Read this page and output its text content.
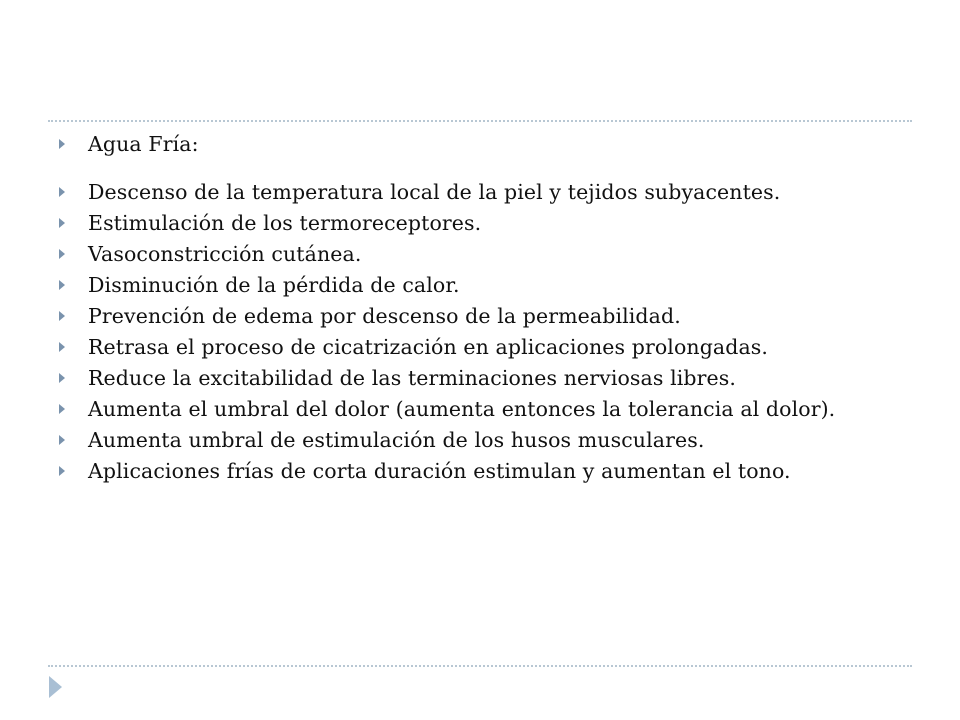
Agua Fría:
Descenso de la temperatura local de la piel y tejidos subyacentes.
Estimulación de los termoreceptores.
Vasoconstricción cutánea.
Disminución de la pérdida de calor.
Prevención de edema por descenso de la permeabilidad.
Retrasa el proceso de cicatrización en aplicaciones prolongadas.
Reduce la excitabilidad de las terminaciones nerviosas libres.
Aumenta el umbral del dolor (aumenta entonces la tolerancia al dolor).
Aumenta umbral de estimulación de los husos musculares.
Aplicaciones frías de corta duración estimulan y aumentan el tono.
